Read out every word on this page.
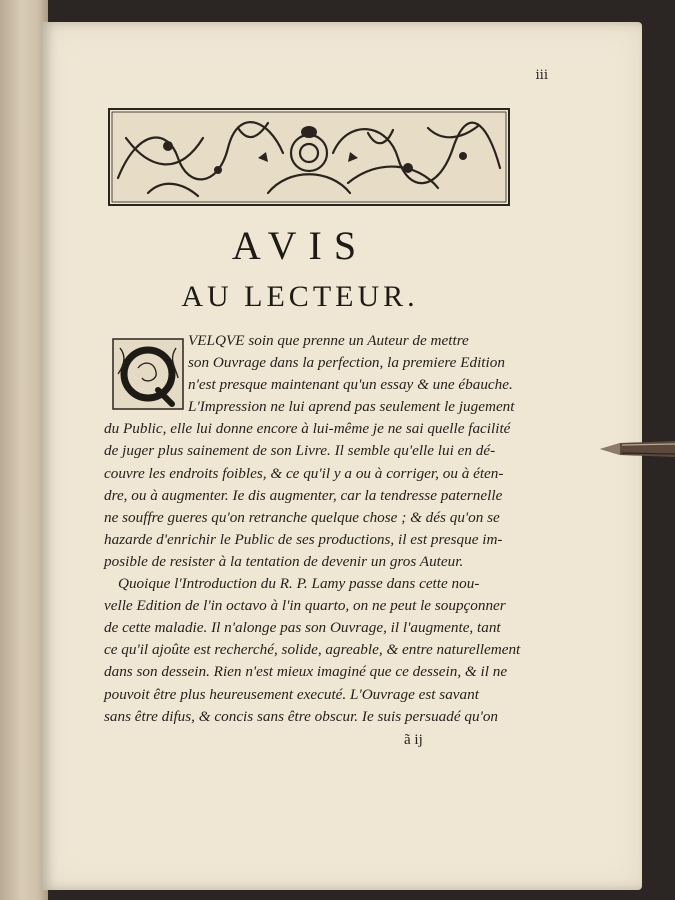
iii
AVIS
AU LECTEUR.
VELQVE soin que prenne un Auteur de mettre
son Ouvrage dans la perfection, la premiere Edition
n'est presque maintenant qu'un essay & une ébauche.
L'Impression ne lui aprend pas seulement le jugement
du Public, elle lui donne encore à lui-même je ne sai quelle facilité
de juger plus sainement de son Livre. Il semble qu'elle lui en dé-
couvre les endroits foibles, & ce qu'il y a ou à corriger, ou à éten-
dre, ou à augmenter. Ie dis augmenter, car la tendresse paternelle
ne souffre gueres qu'on retranche quelque chose ; & dés qu'on se
hazarde d'enrichir le Public de ses productions, il est presque im-
posible de resister à la tentation de devenir un gros Auteur.
Quoique l'Introduction du R. P. Lamy passe dans cette nou-
velle Edition de l'in octavo à l'in quarto, on ne peut le soupçonner
de cette maladie. Il n'alonge pas son Ouvrage, il l'augmente, tant
ce qu'il ajoûte est recherché, solide, agreable, & entre naturellement
dans son dessein. Rien n'est mieux imaginé que ce dessein, & il ne
pouvoit être plus heureusement executé. L'Ouvrage est savant
sans être difus, & concis sans être obscur. Ie suis persuadé qu'on
ã ij
